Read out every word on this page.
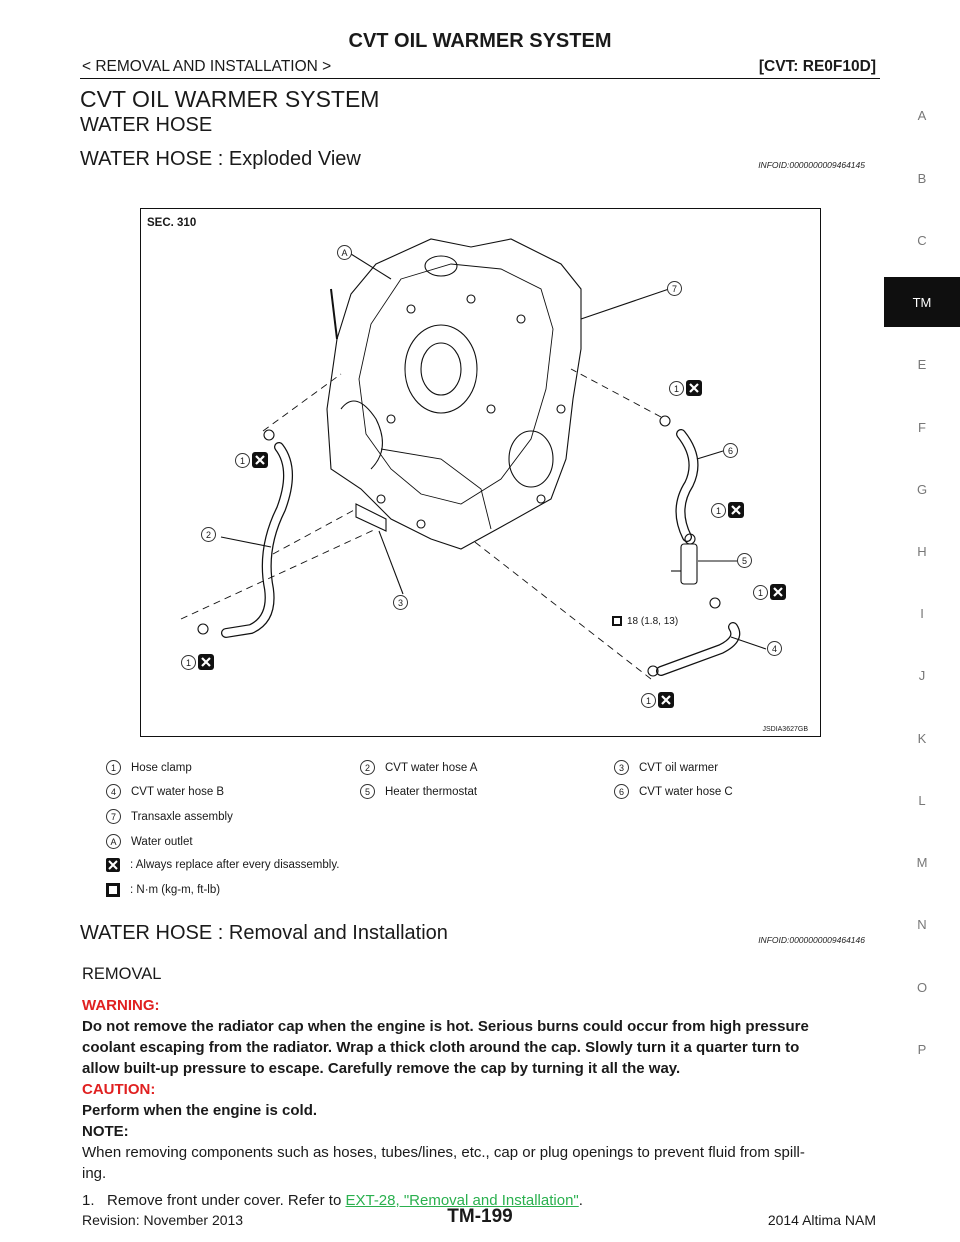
CVT OIL WARMER SYSTEM
< REMOVAL AND INSTALLATION >	[CVT: RE0F10D]
CVT OIL WARMER SYSTEM
WATER HOSE
WATER HOSE : Exploded View	INFOID:0000000009464145
A
B
C
TM
E
F
G
H
I
J
K
L
M
N
O
P
SEC. 310
A
7
1
6
1
5
1
4
1
1
2
1
3
18 (1.8, 13)
JSDIA3627GB
1	Hose clamp	2	CVT water hose A	3	CVT oil warmer
4	CVT water hose B	5	Heater thermostat	6	CVT water hose C
7	Transaxle assembly
A	Water outlet
: Always replace after every disassembly.
: N·m (kg-m, ft-lb)
WATER HOSE : Removal and Installation	INFOID:0000000009464146
REMOVAL
WARNING:
Do not remove the radiator cap when the engine is hot. Serious burns could occur from high pressure
coolant escaping from the radiator. Wrap a thick cloth around the cap. Slowly turn it a quarter turn to
allow built-up pressure to escape. Carefully remove the cap by turning it all the way.
CAUTION:
Perform when the engine is cold.
NOTE:
When removing components such as hoses, tubes/lines, etc., cap or plug openings to prevent fluid from spill-
ing.
1.   Remove front under cover. Refer to EXT-28, "Removal and Installation".
TM-199
Revision: November 2013	2014 Altima NAM
